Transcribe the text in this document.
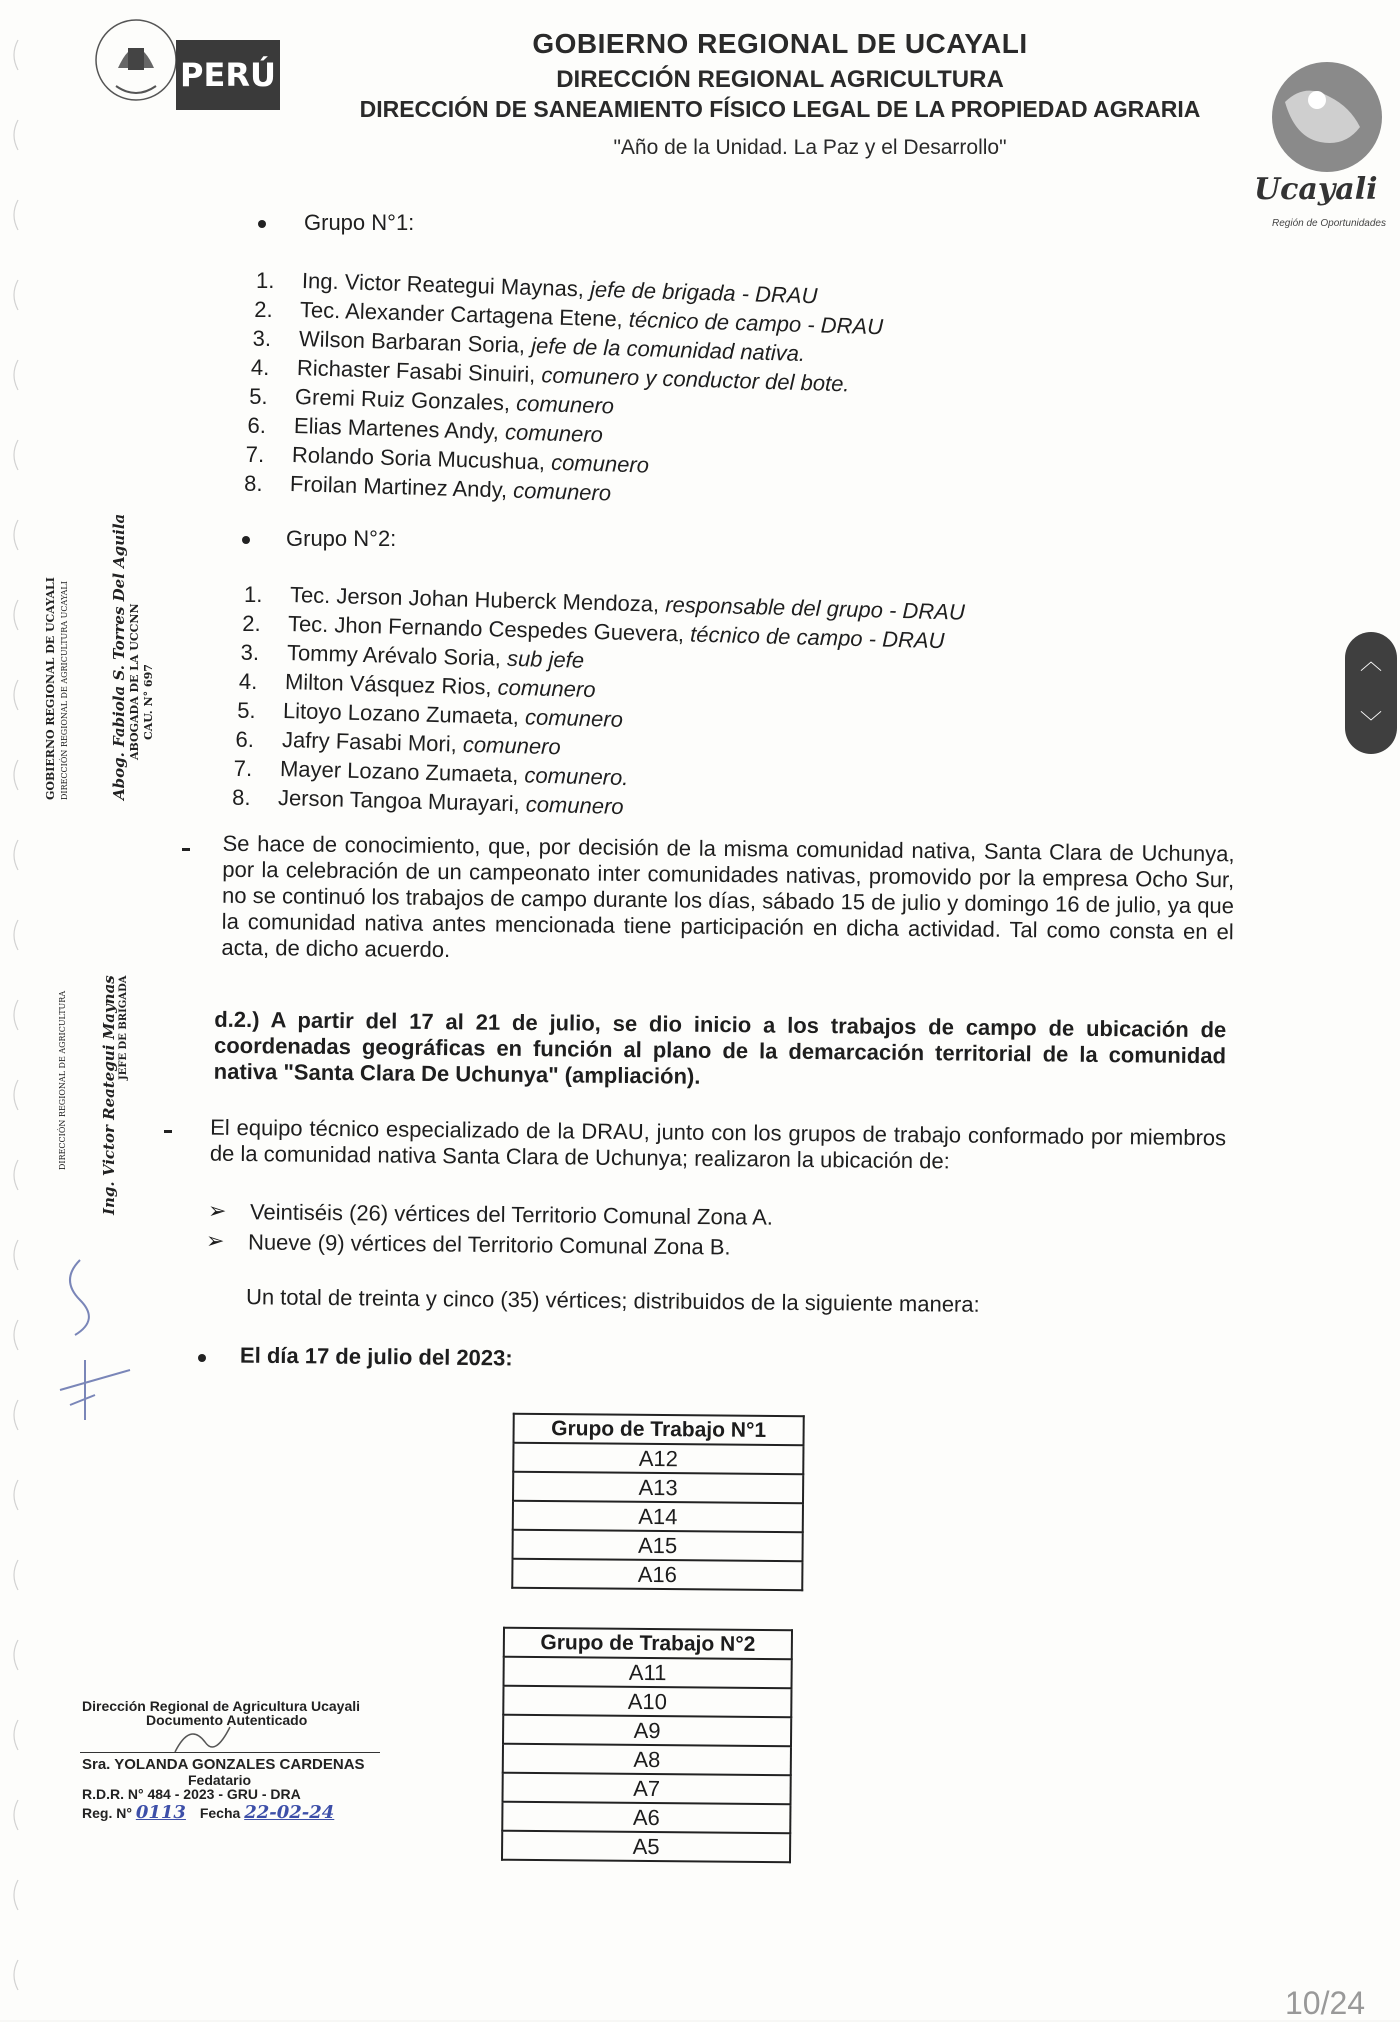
PERÚ
Ucayali
Región de Oportunidades
GOBIERNO REGIONAL DE UCAYALI
DIRECCIÓN REGIONAL AGRICULTURA
DIRECCIÓN DE SANEAMIENTO FÍSICO LEGAL DE LA PROPIEDAD AGRARIA
"Año de la Unidad. La Paz y el Desarrollo"
Grupo N°1:
1. Ing. Victor Reategui Maynas, jefe de brigada - DRAU
2. Tec. Alexander Cartagena Etene, técnico de campo - DRAU
3. Wilson Barbaran Soria, jefe de la comunidad nativa.
4. Richaster Fasabi Sinuiri, comunero y conductor del bote.
5. Gremi Ruiz Gonzales, comunero
6. Elias Martenes Andy, comunero
7. Rolando Soria Mucushua, comunero
8. Froilan Martinez Andy, comunero
Grupo N°2:
1. Tec. Jerson Johan Huberck Mendoza, responsable del grupo - DRAU
2. Tec. Jhon Fernando Cespedes Guevera, técnico de campo - DRAU
3. Tommy Arévalo Soria, sub jefe
4. Milton Vásquez Rios, comunero
5. Litoyo Lozano Zumaeta, comunero
6. Jafry Fasabi Mori, comunero
7. Mayer Lozano Zumaeta, comunero.
8. Jerson Tangoa Murayari, comunero
Se hace de conocimiento, que, por decisión de la misma comunidad nativa, Santa Clara de Uchunya, por la celebración de un campeonato inter comunidades nativas, promovido por la empresa Ocho Sur, no se continuó los trabajos de campo durante los días, sábado 15 de julio y domingo 16 de julio, ya que la comunidad nativa antes mencionada tiene participación en dicha actividad. Tal como consta en el acta, de dicho acuerdo.
d.2.) A partir del 17 al 21 de julio, se dio inicio a los trabajos de campo de ubicación de coordenadas geográficas en función al plano de la demarcación territorial de la comunidad nativa "Santa Clara De Uchunya" (ampliación).
El equipo técnico especializado de la DRAU, junto con los grupos de trabajo conformado por miembros de la comunidad nativa Santa Clara de Uchunya; realizaron la ubicación de:
➢ Veintiséis (26) vértices del Territorio Comunal Zona A.
➢ Nueve (9) vértices del Territorio Comunal Zona B.
Un total de treinta y cinco (35) vértices; distribuidos de la siguiente manera:
El día 17 de julio del 2023:
Grupo de Trabajo N°1
A12
A13
A14
A15
A16
Grupo de Trabajo N°2
A11
A10
A9
A8
A7
A6
A5
GOBIERNO REGIONAL DE UCAYALI DIRECCIÓN REGIONAL DE AGRICULTURA UCAYALI	Abog. Fabiola S. Torres Del Aguila ABOGADA DE LA UCCNN CAU. N° 697
DIRECCIÓN REGIONAL DE AGRICULTURA Ing. Victor Reategui Maynas JEFE DE BRIGADA
Dirección Regional de Agricultura Ucayali
Documento Autenticado
Sra. YOLANDA GONZALES CARDENAS
Fedatario
R.D.R. N° 484 - 2023 - GRU - DRA
Reg. N° 0113 Fecha 22-02-24
︿
﹀
10/24
